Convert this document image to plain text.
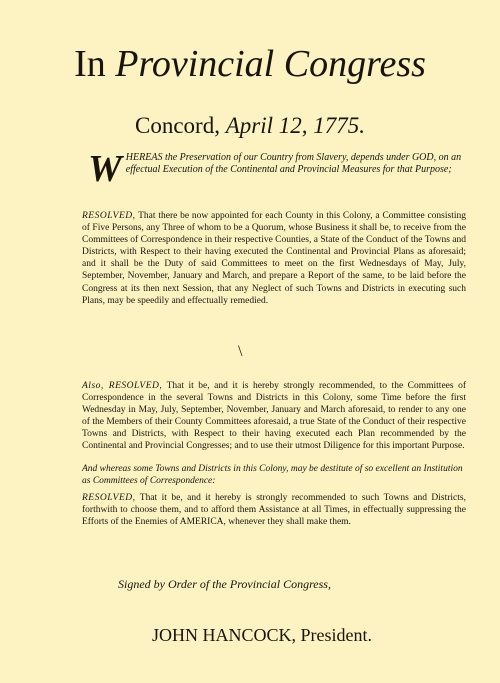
In Provincial Congress
Concord, April 12, 1775.
W HEREAS the Preservation of our Country from Slavery, depends under GOD, on an effectual Execution of the Continental and Provincial Measures for that Purpose;
RESOLVED, That there be now appointed for each County in this Colony, a Committee consisting of Five Persons, any Three of whom to be a Quorum, whose Business it shall be, to receive from the Committees of Correspondence in their respective Counties, a State of the Conduct of the Towns and Districts, with Respect to their having executed the Continental and Provincial Plans as aforesaid; and it shall be the Duty of said Committees to meet on the first Wednesdays of May, July, September, November, January and March, and prepare a Report of the same, to be laid before the Congress at its then next Session, that any Neglect of such Towns and Districts in executing such Plans, may be speedily and effectually remedied.
\
Also, RESOLVED, That it be, and it is hereby strongly recommended, to the Committees of Correspondence in the several Towns and Districts in this Colony, some Time before the first Wednesday in May, July, September, November, January and March aforesaid, to render to any one of the Members of their County Committees aforesaid, a true State of the Conduct of their respective Towns and Districts, with Respect to their having executed each Plan recommended by the Continental and Provincial Congresses; and to use their utmost Diligence for this important Purpose.
And whereas some Towns and Districts in this Colony, may be destitute of so excellent an Institution as Committees of Correspondence:
RESOLVED, That it be, and it hereby is strongly recommended to such Towns and Districts, forthwith to choose them, and to afford them Assistance at all Times, in effectually suppressing the Efforts of the Enemies of AMERICA, whenever they shall make them.
Signed by Order of the Provincial Congress,
JOHN HANCOCK, President.
